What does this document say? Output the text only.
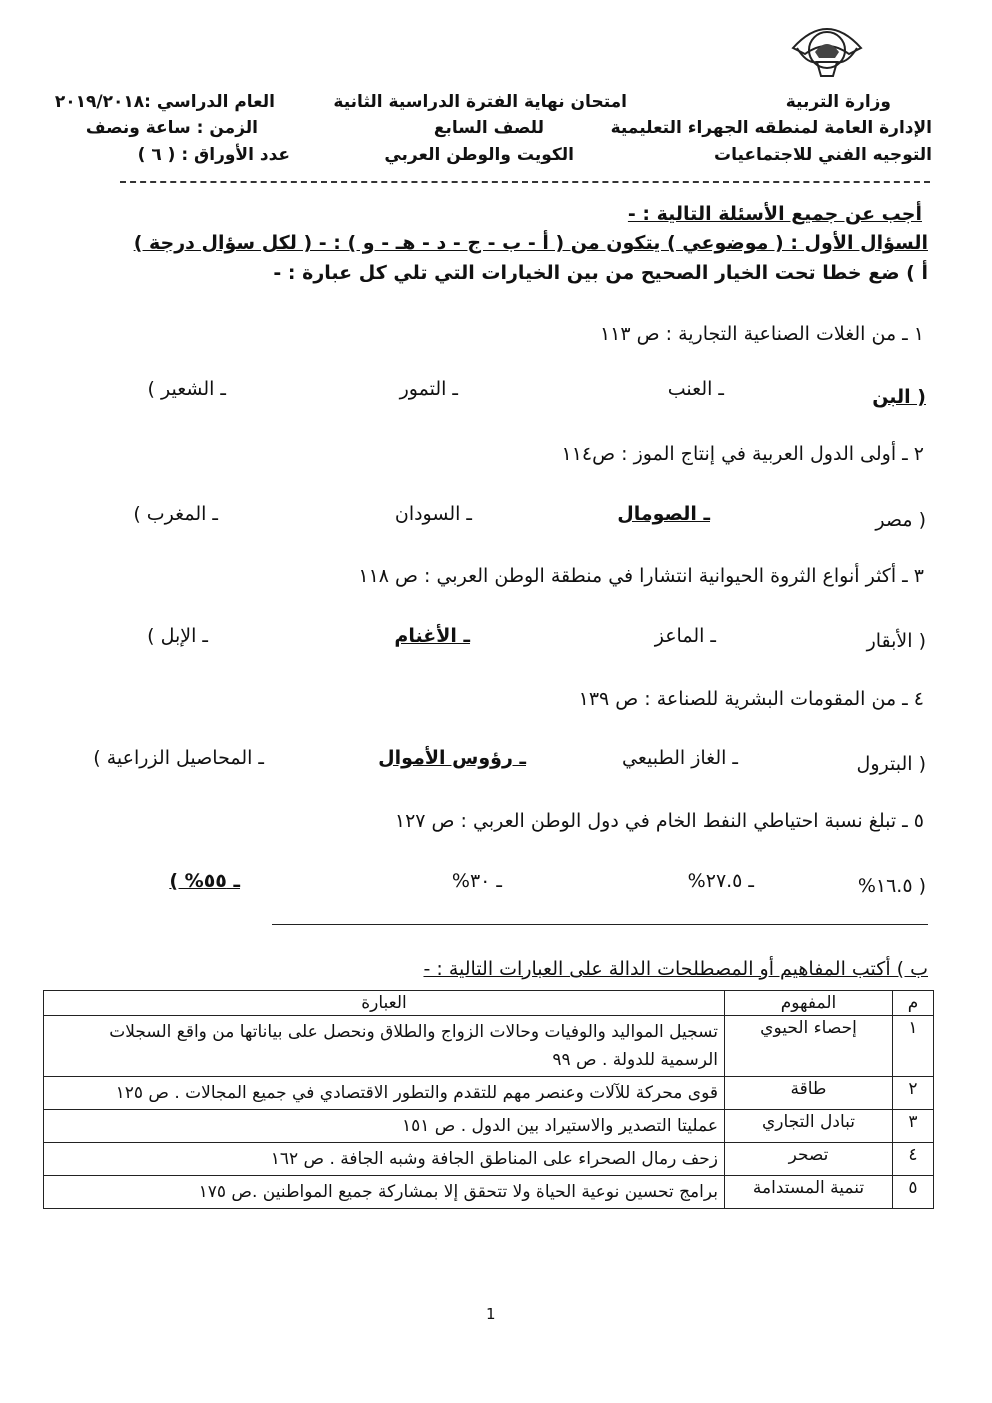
وزارة التربية
الإدارة العامة لمنطقه الجهراء التعليمية
التوجيه الفني للاجتماعيات
امتحان نهاية الفترة الدراسية الثانية
للصف السابع
الكويت والوطن العربي
العام الدراسي :٢٠١٩/٢٠١٨
الزمن : ساعة ونصف
عدد الأوراق : ( ٦ )
أجب عن جميع الأسئلة التالية : -
السؤال الأول : ( موضوعي ) يتكون من ( أ - ب - ج - د - هـ - و ) : - ( لكل سؤال درجة )
أ ) ضع خطا تحت الخيار الصحيح من بين الخيارات التي تلي كل عبارة : -
١ ـ من الغلات الصناعية التجارية : ص ١١٣
( البن
ـ العنب
ـ التمور
ـ الشعير )
٢ ـ أولى الدول العربية في إنتاج الموز : ص١١٤
( مصر
ـ الصومال
ـ السودان
ـ المغرب )
٣ ـ أكثر أنواع الثروة الحيوانية انتشارا في منطقة الوطن العربي : ص ١١٨
( الأبقار
ـ الماعز
ـ الأغنام
ـ الإبل )
٤ ـ من المقومات البشرية للصناعة : ص ١٣٩
( البترول
ـ الغاز الطبيعي
ـ رؤوس الأموال
ـ المحاصيل الزراعية )
٥ ـ تبلغ نسبة احتياطي النفط الخام في دول الوطن العربي : ص ١٢٧
( ١٦.٥%
ـ ٢٧.٥%
ـ ٣٠%
ـ ٥٥% )
ب ) أكتب المفاهيم أو المصطلحات الدالة على العبارات التالية : -
م	المفهوم	العبارة
١	إحصاء الحيوي	تسجيل المواليد والوفيات وحالات الزواج والطلاق ونحصل على بياناتها من واقع السجلات الرسمية للدولة . ص ٩٩
٢	طاقة	قوى محركة للآلات وعنصر مهم للتقدم والتطور الاقتصادي في جميع المجالات . ص ١٢٥
٣	تبادل التجاري	عمليتا التصدير والاستيراد بين الدول . ص ١٥١
٤	تصحر	زحف رمال الصحراء على المناطق الجافة وشبه الجافة . ص ١٦٢
٥	تنمية المستدامة	برامج تحسين نوعية الحياة ولا تتحقق إلا بمشاركة جميع المواطنين .ص ١٧٥
1
